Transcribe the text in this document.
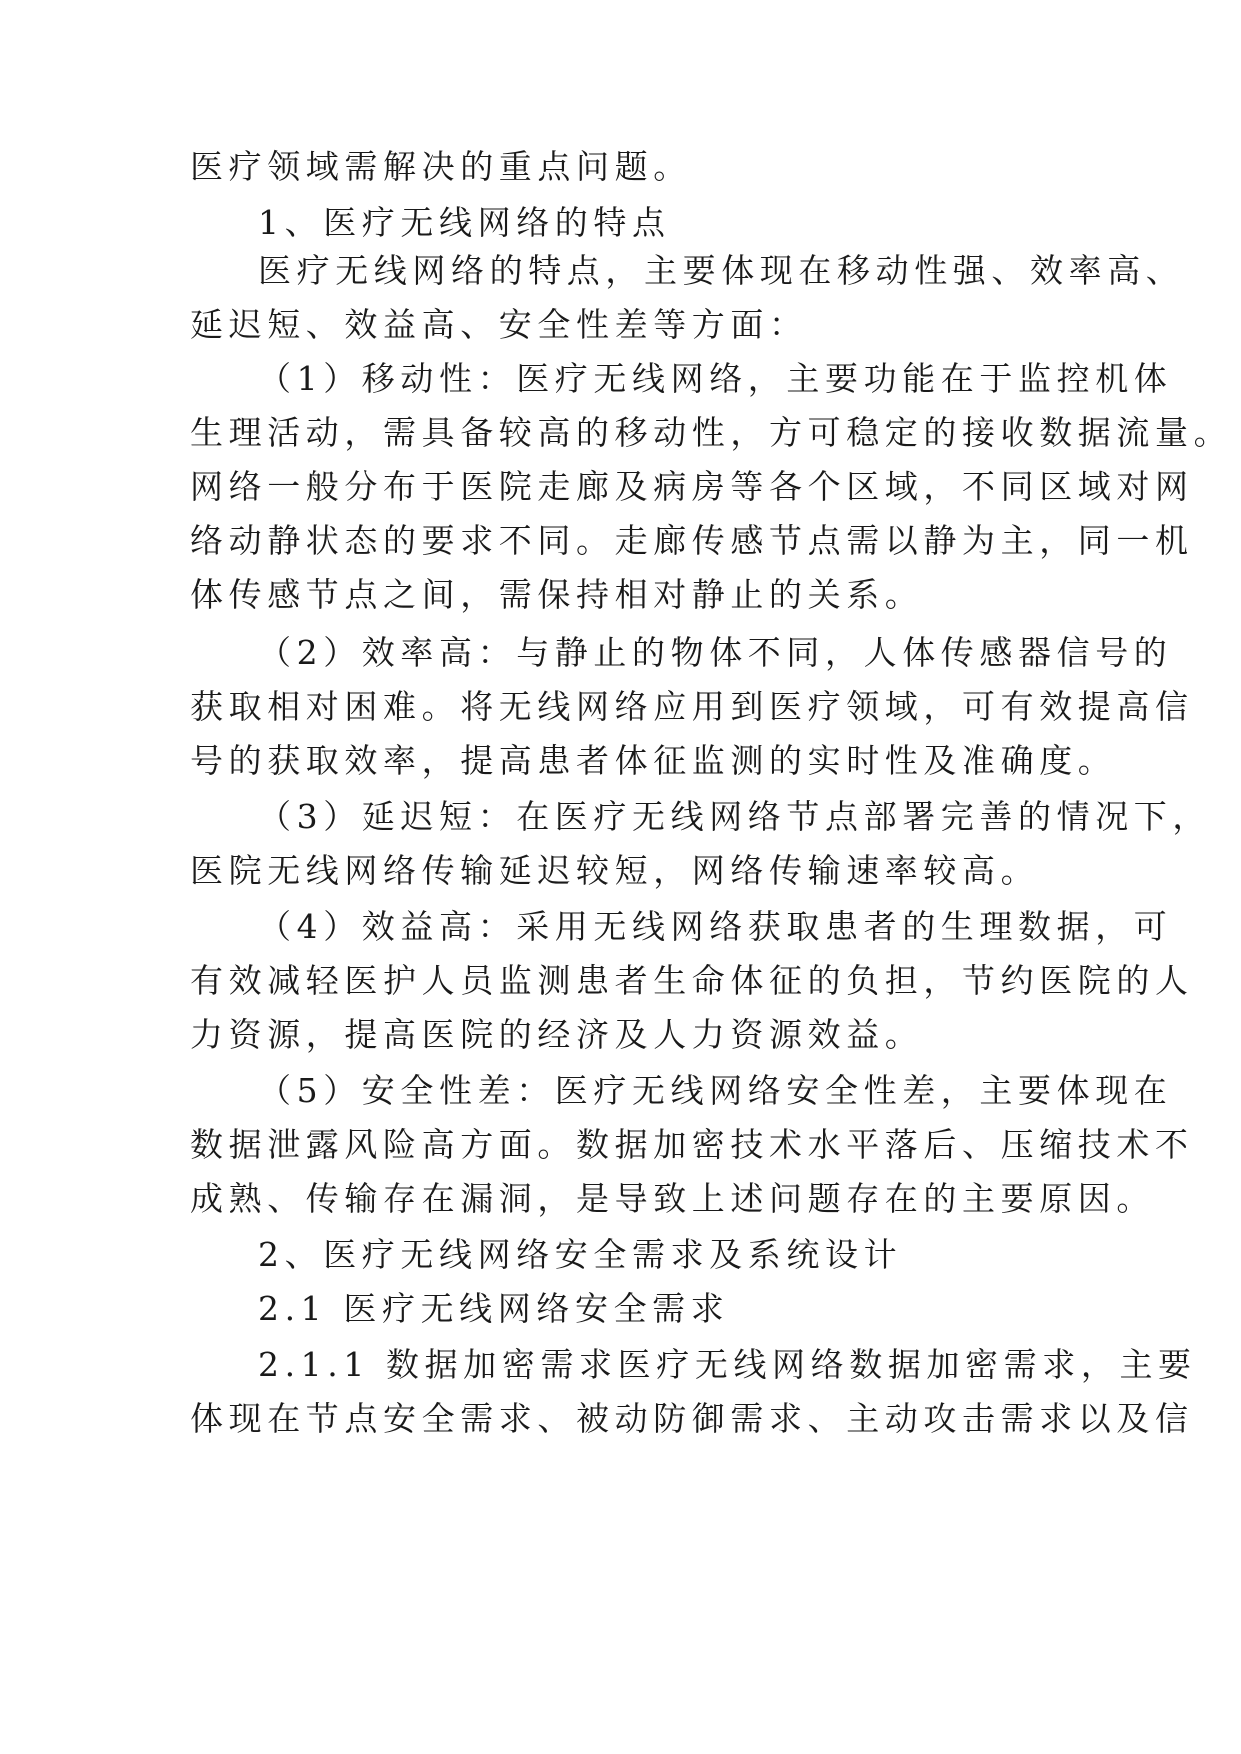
医疗领域需解决的重点问题。
1、医疗无线网络的特点
医疗无线网络的特点，主要体现在移动性强、效率高、
延迟短、效益高、安全性差等方面：
（1）移动性：医疗无线网络，主要功能在于监控机体
生理活动，需具备较高的移动性，方可稳定的接收数据流量。
网络一般分布于医院走廊及病房等各个区域，不同区域对网
络动静状态的要求不同。走廊传感节点需以静为主，同一机
体传感节点之间，需保持相对静止的关系。
（2）效率高：与静止的物体不同，人体传感器信号的
获取相对困难。将无线网络应用到医疗领域，可有效提高信
号的获取效率，提高患者体征监测的实时性及准确度。
（3）延迟短：在医疗无线网络节点部署完善的情况下，
医院无线网络传输延迟较短，网络传输速率较高。
（4）效益高：采用无线网络获取患者的生理数据，可
有效减轻医护人员监测患者生命体征的负担，节约医院的人
力资源，提高医院的经济及人力资源效益。
（5）安全性差：医疗无线网络安全性差，主要体现在
数据泄露风险高方面。数据加密技术水平落后、压缩技术不
成熟、传输存在漏洞，是导致上述问题存在的主要原因。
2、医疗无线网络安全需求及系统设计
2.1 医疗无线网络安全需求
2.1.1 数据加密需求医疗无线网络数据加密需求，主要
体现在节点安全需求、被动防御需求、主动攻击需求以及信
